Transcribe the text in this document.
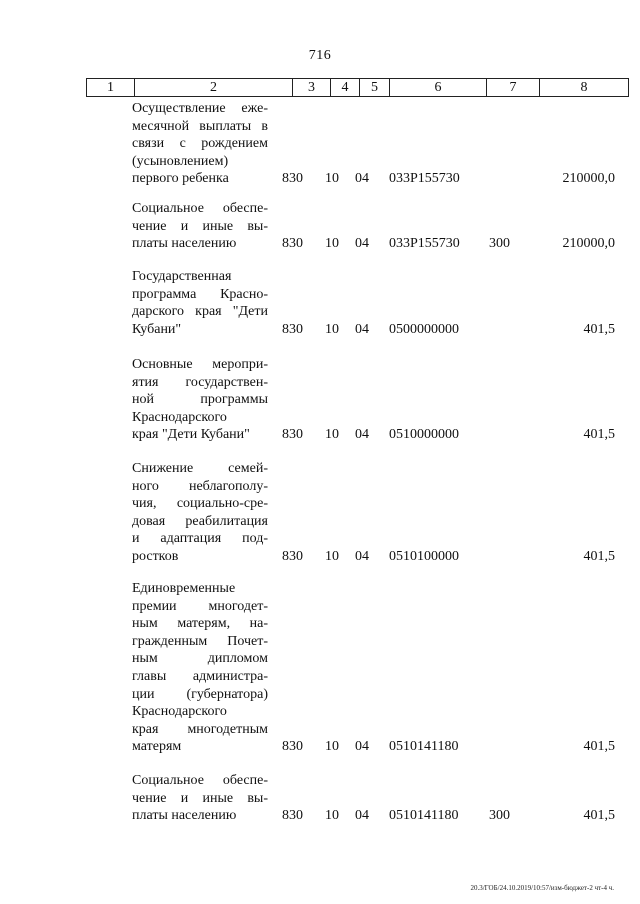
716
1	2	3	4	5	6	7	8
Осуществление еже-
месячной выплаты в
связи с рождением
(усыновлением)
первого ребенка	830 10 04 033P155730	210000,0
Социальное обеспе-
чение и иные вы-
платы населению	830 10 04 033P155730 300	210000,0
Государственная
программа Красно-
дарского края "Дети
Кубани"	830 10 04 0500000000	401,5
Основные меропри-
ятия государствен-
ной программы
Краснодарского
края "Дети Кубани"	830 10 04 0510000000	401,5
Снижение семей-
ного неблагополу-
чия, социально-сре-
довая реабилитация
и адаптация под-
ростков	830 10 04 0510100000	401,5
Единовременные
премии многодет-
ным матерям, на-
гражденным Почет-
ным дипломом
главы администра-
ции (губернатора)
Краснодарского
края многодетным
матерям	830 10 04 0510141180	401,5
Социальное обеспе-
чение и иные вы-
платы населению	830 10 04 0510141180 300	401,5
20.3/ГОБ/24.10.2019/10:57/изм-бюджет-2 чт-4 ч.
